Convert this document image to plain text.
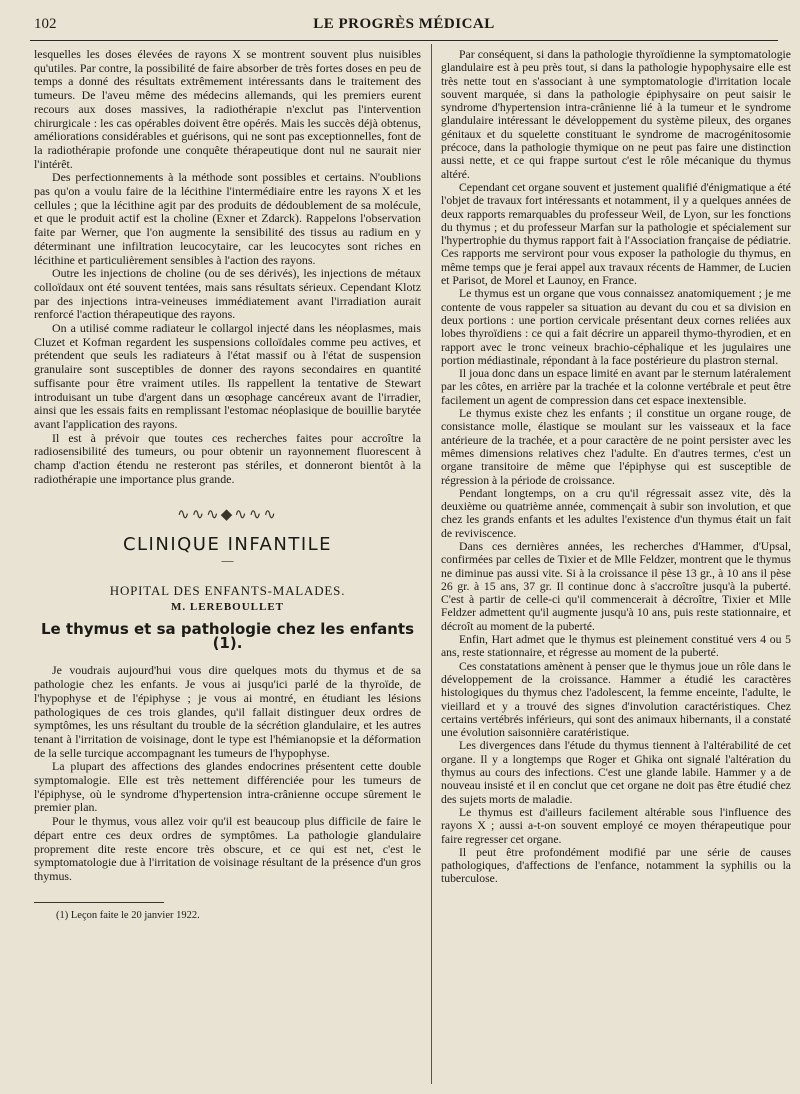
102	LE PROGRÈS MÉDICAL

lesquelles les doses élevées de rayons X se montrent souvent plus nuisibles qu'utiles. Par contre, la possibilité de faire absorber de très fortes doses en peu de temps a donné des résultats extrêmement intéressants dans le traitement des tumeurs. De l'aveu même des médecins allemands, qui les premiers eurent recours aux doses massives, la radiothérapie n'exclut pas l'intervention chirurgicale : les cas opérables doivent être opérés. Mais les succès déjà obtenus, améliorations considérables et guérisons, qui ne sont pas exceptionnelles, font de la radiothérapie profonde une conquête thérapeutique dont nul ne saurait nier l'intérêt.

Des perfectionnements à la méthode sont possibles et certains. N'oublions pas qu'on a voulu faire de la lécithine l'intermédiaire entre les rayons X et les cellules ; que la lécithine agit par des produits de dédoublement de sa molécule, et que le produit actif est la choline (Exner et Zdarck). Rappelons l'observation faite par Werner, que l'on augmente la sensibilité des tissus au radium en y déterminant une infiltration leucocytaire, car les leucocytes sont riches en lécithine et particulièrement sensibles à l'action des rayons.

Outre les injections de choline (ou de ses dérivés), les injections de métaux colloïdaux ont été souvent tentées, mais sans résultats sérieux. Cependant Klotz par des injections intra-veineuses immédiatement avant l'irradiation aurait renforcé l'action thérapeutique des rayons.

On a utilisé comme radiateur le collargol injecté dans les néoplasmes, mais Cluzet et Kofman regardent les suspensions colloïdales comme peu actives, et prétendent que seuls les radiateurs à l'état massif ou à l'état de suspension granulaire sont susceptibles de donner des rayons secondaires en quantité suffisante pour être vraiment utiles. Ils rappellent la tentative de Stewart introduisant un tube d'argent dans un œsophage cancéreux avant de l'irradier, ainsi que les essais faits en remplissant l'estomac néoplasique de bouillie barytée avant l'application des rayons.

Il est à prévoir que toutes ces recherches faites pour accroître la radiosensibilité des tumeurs, ou pour obtenir un rayonnement fluorescent à champ d'action étendu ne resteront pas stériles, et donneront bientôt à la radiothérapie une importance plus grande.

∿∿∿◆∿∿∿
CLINIQUE INFANTILE
—
HOPITAL DES ENFANTS-MALADES.
M. LEREBOULLET
Le thymus et sa pathologie chez les enfants (1).

Je voudrais aujourd'hui vous dire quelques mots du thymus et de sa pathologie chez les enfants. Je vous ai jusqu'ici parlé de la thyroïde, de l'hypophyse et de l'épiphyse ; je vous ai montré, en étudiant les lésions pathologiques de ces trois glandes, qu'il fallait distinguer deux ordres de symptômes, les uns résultant du trouble de la sécrétion glandulaire, et les autres tenant à l'irritation de voisinage, dont le type est l'hémianopsie et la déformation de la selle turcique accompagnant les tumeurs de l'hypophyse.

La plupart des affections des glandes endocrines présentent cette double symptomalogie. Elle est très nettement différenciée pour les tumeurs de l'épiphyse, où le syndrome d'hypertension intra-crânienne occupe sûrement le premier plan.

Pour le thymus, vous allez voir qu'il est beaucoup plus difficile de faire le départ entre ces deux ordres de symptômes. La pathologie glandulaire proprement dite reste encore très obscure, et ce qui est net, c'est le symptomatologie due à l'irritation de voisinage résultant de la présence d'un gros thymus.

(1) Leçon faite le 20 janvier 1922.

Par conséquent, si dans la pathologie thyroïdienne la symptomatologie glandulaire est à peu près tout, si dans la pathologie hypophysaire elle est très nette tout en s'associant à une symptomatologie d'irritation locale souvent marquée, si dans la pathologie épiphysaire on peut saisir le syndrome d'hypertension intra-crânienne lié à la tumeur et le syndrome glandulaire intéressant le développement du système pileux, des organes génitaux et du squelette constituant le syndrome de macrogénitosomie précoce, dans la pathologie thymique on ne peut pas faire une distinction aussi nette, et ce qui frappe surtout c'est le rôle mécanique du thymus altéré.

Cependant cet organe souvent et justement qualifié d'énigmatique a été l'objet de travaux fort intéressants et notamment, il y a quelques années de deux rapports remarquables du professeur Weil, de Lyon, sur les fonctions du thymus ; et du professeur Marfan sur la pathologie et spécialement sur l'hypertrophie du thymus rapport fait à l'Association française de pédiatrie. Ces rapports me serviront pour vous exposer la pathologie du thymus, en même temps que je ferai appel aux travaux récents de Hammer, de Lucien et Parisot, de Morel et Launoy, en France.

Le thymus est un organe que vous connaissez anatomiquement ; je me contente de vous rappeler sa situation au devant du cou et sa division en deux portions : une portion cervicale présentant deux cornes reliées aux lobes thyroïdiens : ce qui a fait décrire un appareil thymo-thyrodien, et en rapport avec le tronc veineux brachio-céphalique et les jugulaires une portion médiastinale, répondant à la face postérieure du plastron sternal.

Il joua donc dans un espace limité en avant par le sternum latéralement par les côtes, en arrière par la trachée et la colonne vertébrale et peut être facilement un agent de compression dans cet espace inextensible.

Le thymus existe chez les enfants ; il constitue un organe rouge, de consistance molle, élastique se moulant sur les vaisseaux et la face antérieure de la trachée, et a pour caractère de ne point persister avec les mêmes dimensions relatives chez l'adulte. En d'autres termes, c'est un organe transitoire de même que l'épiphyse qui est susceptible de régression à la période de croissance.

Pendant longtemps, on a cru qu'il régressait assez vite, dès la deuxième ou quatrième année, commençait à subir son involution, et que chez les grands enfants et les adultes l'existence d'un thymus était un fait de reviviscence.

Dans ces dernières années, les recherches d'Hammer, d'Upsal, confirmées par celles de Tixier et de Mlle Feldzer, montrent que le thymus ne diminue pas aussi vite. Si à la croissance il pèse 13 gr., à 10 ans il pèse 26 gr. à 15 ans, 37 gr. Il continue donc à s'accroître jusqu'à la puberté. C'est à partir de celle-ci qu'il commencerait à décroître, Tixier et Mlle Feldzer admettent qu'il augmente jusqu'à 10 ans, puis reste stationnaire, et décroît au moment de la puberté.

Enfin, Hart admet que le thymus est pleinement constitué vers 4 ou 5 ans, reste stationnaire, et régresse au moment de la puberté.

Ces constatations amènent à penser que le thymus joue un rôle dans le développement de la croissance. Hammer a étudié les caractères histologiques du thymus chez l'adolescent, la femme enceinte, l'adulte, le vieillard et y a trouvé des signes d'involution caractéristiques. Chez certains vertébrés inférieurs, qui sont des animaux hibernants, il a constaté une évolution saisonnière caratéristique.

Les divergences dans l'étude du thymus tiennent à l'altérabilité de cet organe. Il y a longtemps que Roger et Ghika ont signalé l'altération du thymus au cours des infections. C'est une glande labile. Hammer y a de nouveau insisté et il en conclut que cet organe ne doit pas être étudié chez des sujets morts de maladie.

Le thymus est d'ailleurs facilement altérable sous l'influence des rayons X ; aussi a-t-on souvent employé ce moyen thérapeutique pour faire regresser cet organe.

Il peut être profondément modifié par une série de causes pathologiques, d'affections de l'enfance, notamment la syphilis ou la tuberculose.
